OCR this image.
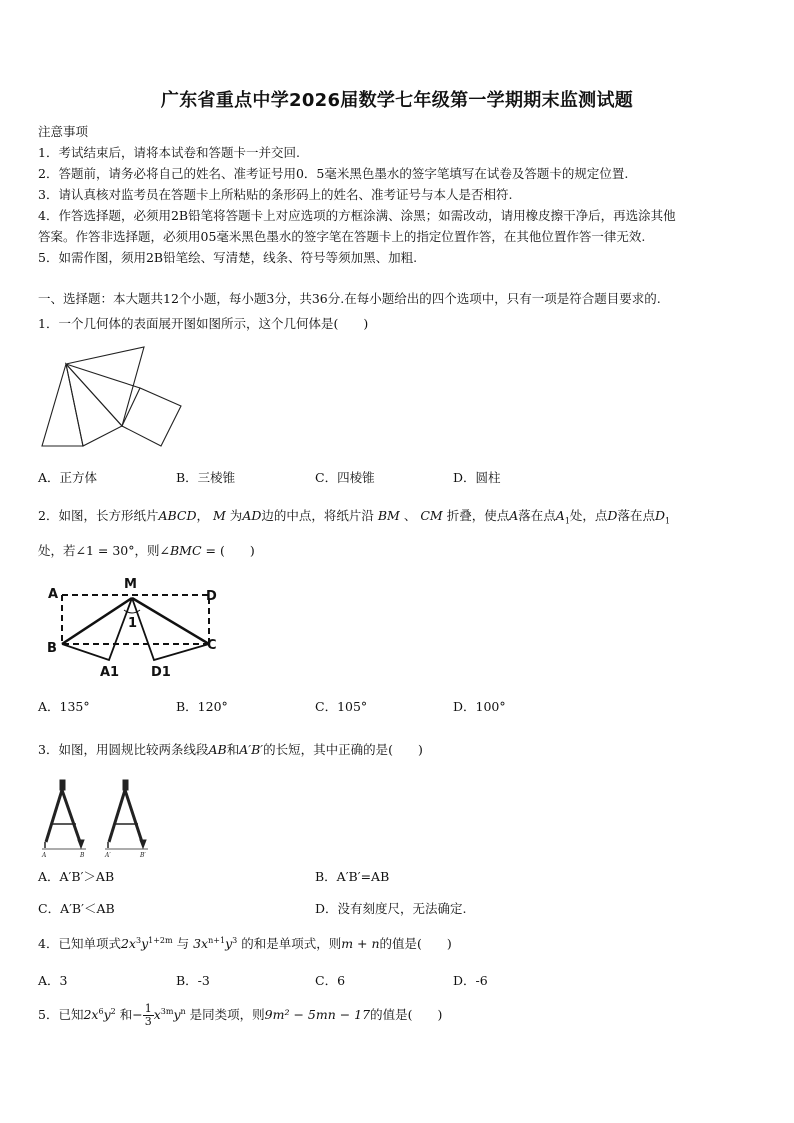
广东省重点中学2026届数学七年级第一学期期末监测试题
注意事项
1．考试结束后，请将本试卷和答题卡一并交回.
2．答题前，请务必将自己的姓名、准考证号用0．5毫米黑色墨水的签字笔填写在试卷及答题卡的规定位置.
3．请认真核对监考员在答题卡上所粘贴的条形码上的姓名、准考证号与本人是否相符.
4．作答选择题，必须用2B铅笔将答题卡上对应选项的方框涂满、涂黑；如需改动，请用橡皮擦干净后，再选涂其他
答案。作答非选择题，必须用05毫米黑色墨水的签字笔在答题卡上的指定位置作答，在其他位置作答一律无效.
5．如需作图，须用2B铅笔绘、写清楚，线条、符号等须加黑、加粗.
一、选择题：本大题共12个小题，每小题3分，共36分.在每小题给出的四个选项中，只有一项是符合题目要求的.
1．一个几何体的表面展开图如图所示，这个几何体是(　　)
A．正方体	B．三棱锥	C．四棱锥	D．圆柱
2．如图，长方形纸片ABCD， M 为AD边的中点，将纸片沿 BM 、 CM 折叠，使点A落在点$A_1$处，点D落在点$D_1$
处，若∠1 = 30°，则∠BMC = (　　)
A
M
D
B	C
A1 D1
1
A．135°	B．120°	C．105°	D．100°
3．如图，用圆规比较两条线段AB和A′B′的长短，其中正确的是(　　)
A	B	A′	B′
A．A′B′＞AB	B．A′B′=AB
C．A′B′＜AB	D．没有刻度尺，无法确定.
4．已知单项式$2x^3y^{1+2m}$ 与 $3x^{n+1}y^3$ 的和是单项式，则m + n的值是(　　)
A．3	B．-3	C．6	D．-6
5．已知$2x^6y^2$ 和− $\frac{1}{3} x^{3m}y^n$ 是同类项，则9m² − 5mn − 17的值是(　　)
